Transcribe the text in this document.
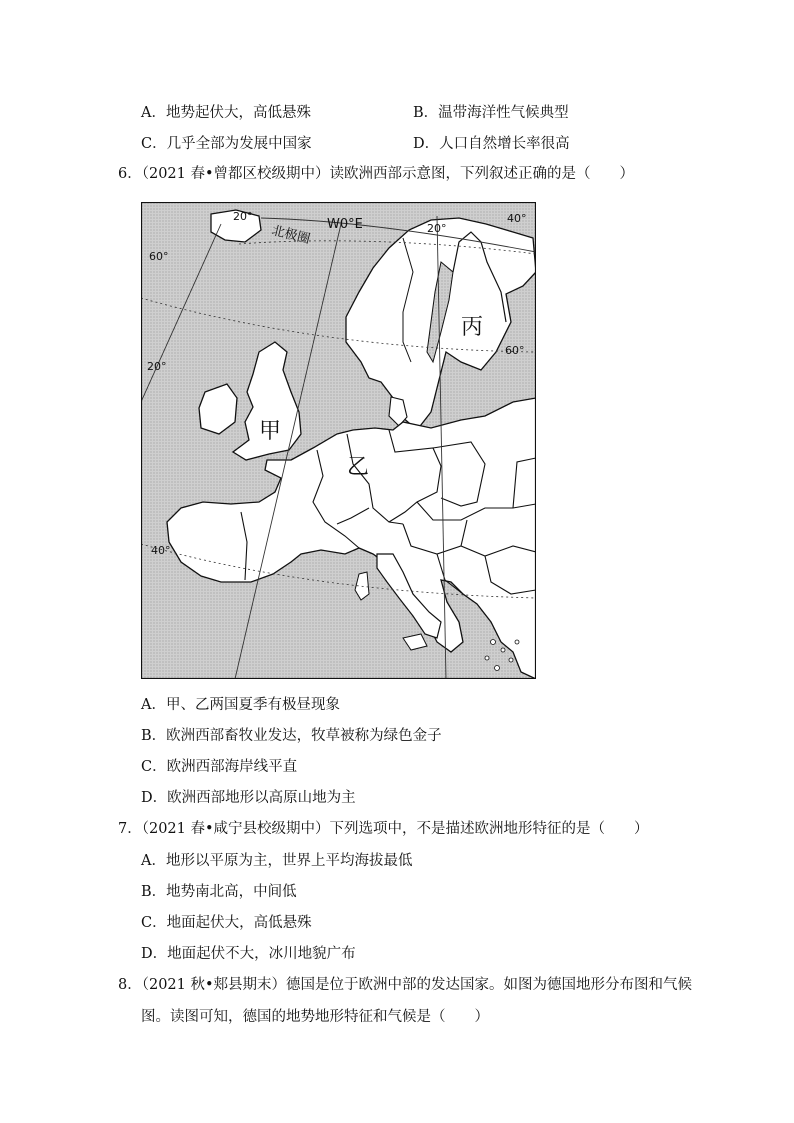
A．地势起伏大，高低悬殊	B．温带海洋性气候典型
C．几乎全部为发展中国家	D．人口自然增长率很高
6．（2021 春•曾都区校级期中）读欧洲西部示意图，下列叙述正确的是（　　）
北极圈 W0°E
60°
60°
40°
20°
20°
20°
40°
甲
乙
丙
A．甲、乙两国夏季有极昼现象
B．欧洲西部畜牧业发达，牧草被称为绿色金子
C．欧洲西部海岸线平直
D．欧洲西部地形以高原山地为主
7．（2021 春•咸宁县校级期中）下列选项中，不是描述欧洲地形特征的是（　　）
A．地形以平原为主，世界上平均海拔最低
B．地势南北高，中间低
C．地面起伏大，高低悬殊
D．地面起伏不大，冰川地貌广布
8．（2021 秋•郏县期末）德国是位于欧洲中部的发达国家。如图为德国地形分布图和气候
图。读图可知，德国的地势地形特征和气候是（　　）
